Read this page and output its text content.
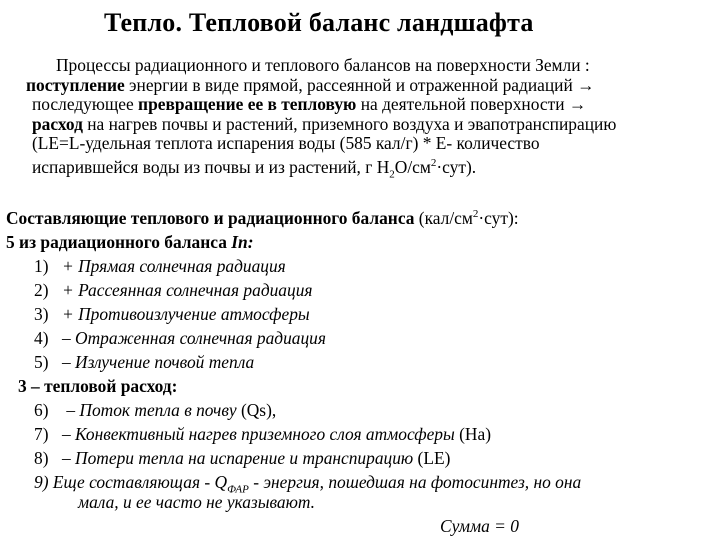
Тепло. Тепловой баланс ландшафта
Процессы радиационного и теплового балансов на поверхности Земли :
поступление энергии в виде прямой, рассеянной и отраженной радиаций →
последующее превращение ее в тепловую на деятельной поверхности →
расход на нагрев почвы и растений, приземного воздуха и эвапотранспирацию
(LE=L-удельная теплота испарения воды (585 кал/г) * E- количество
испарившейся воды из почвы и из растений, г $H_2O/см^2\cdot сут$).
Составляющие теплового и радиационного баланса $(кал/см^2\cdot сут)$:
5 из радиационного баланса In:
1) + Прямая солнечная радиация
2) + Рассеянная солнечная радиация
3) + Противоизлучение атмосферы
4) – Отраженная солнечная радиация
5) – Излучение почвой тепла
3 – тепловой расход:
6) – Поток тепла в почву (Qs),
7) – Конвективный нагрев приземного слоя атмосферы (Ha)
8) – Потери тепла на испарение и транспирацию (LE)
9) Еще составляющая - $Q_{ФАР}$ - энергия, пошедшая на фотосинтез, но она
мала, и ее часто не указывают.
Сумма = 0
